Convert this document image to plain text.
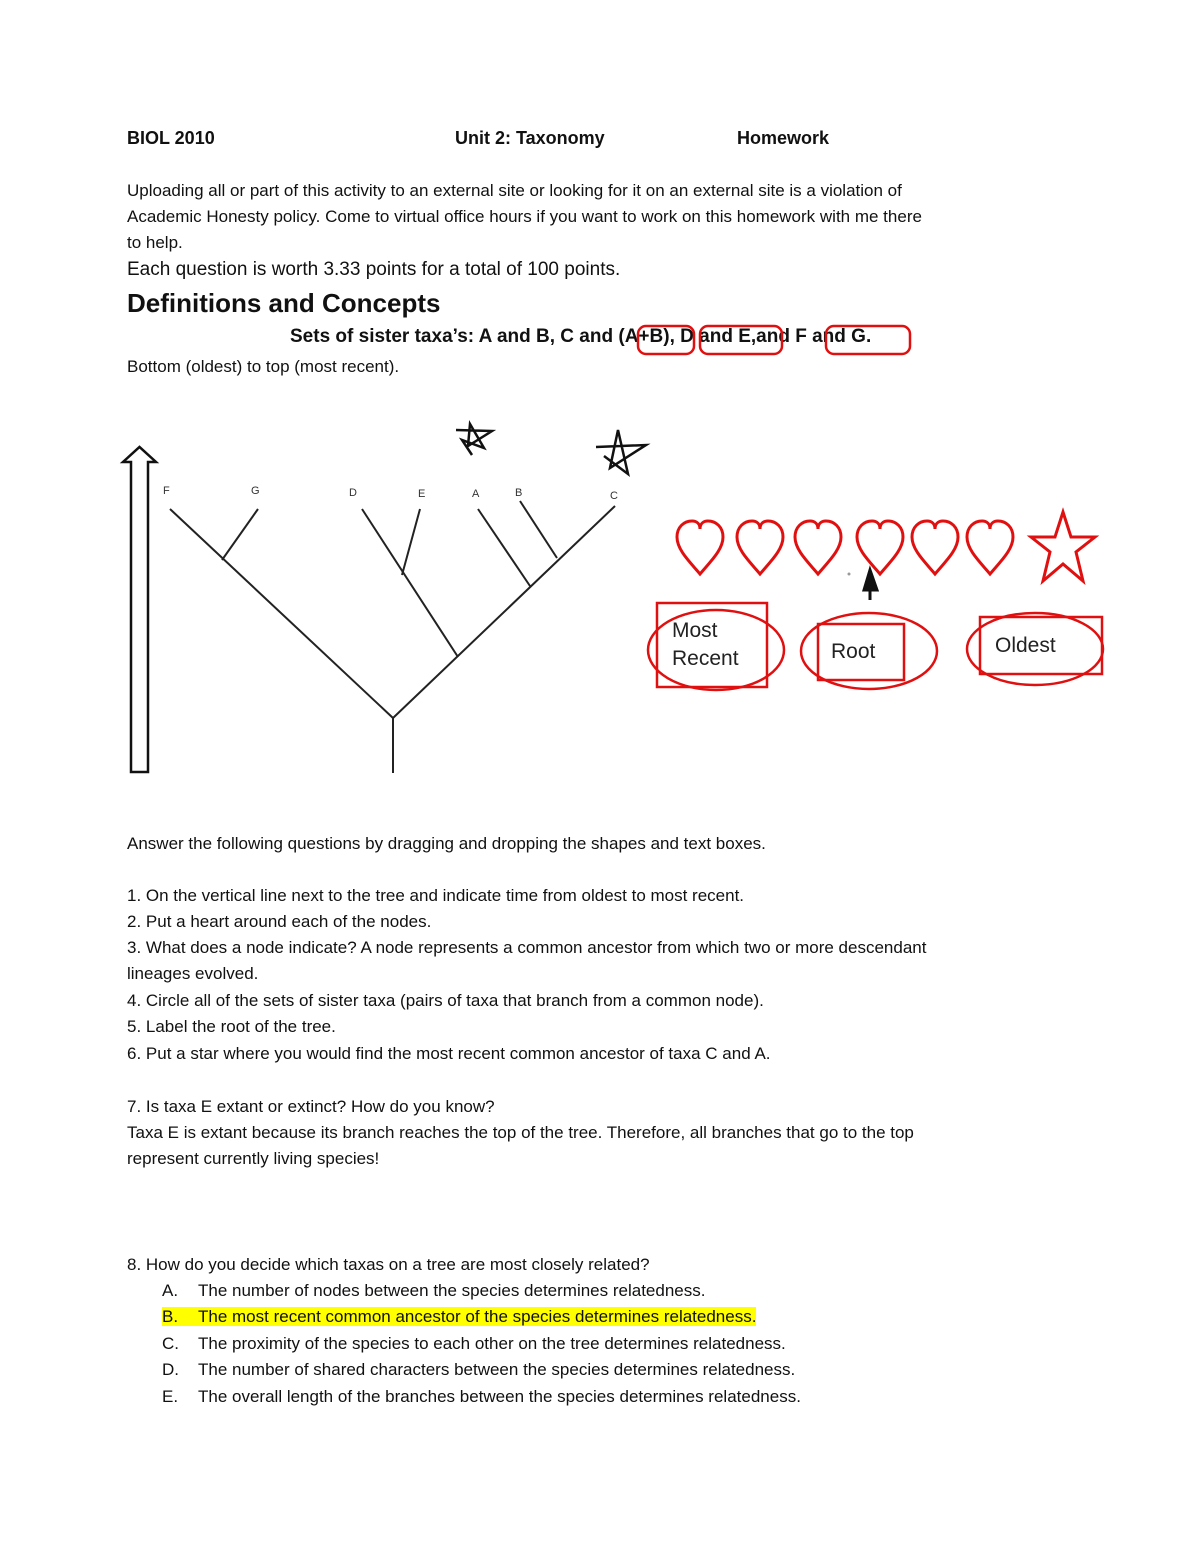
BIOL 2010	Unit 2: Taxonomy	Homework
Uploading all or part of this activity to an external site or looking for it on an external site is a violation of
Academic Honesty policy. Come to virtual office hours if you want to work on this homework with me there
to help.
Each question is worth 3.33 points for a total of 100 points.
Definitions and Concepts
Sets of sister taxa’s: A and B, C and (A+B), D and E,and F and G.
Bottom (oldest) to top (most recent).
F	G	D	E	A	B	C
Most
Recent	Root	Oldest
Answer the following questions by dragging and dropping the shapes and text boxes.
1. On the vertical line next to the tree and indicate time from oldest to most recent.
2. Put a heart around each of the nodes.
3. What does a node indicate? A node represents a common ancestor from which two or more descendant
lineages evolved.
4. Circle all of the sets of sister taxa (pairs of taxa that branch from a common node).
5. Label the root of the tree.
6. Put a star where you would find the most recent common ancestor of taxa C and A.
7. Is taxa E extant or extinct? How do you know?
Taxa E is extant because its branch reaches the top of the tree. Therefore, all branches that go to the top
represent currently living species!
8. How do you decide which taxas on a tree are most closely related?
A. The number of nodes between the species determines relatedness.
B. The most recent common ancestor of the species determines relatedness.
C. The proximity of the species to each other on the tree determines relatedness.
D. The number of shared characters between the species determines relatedness.
E. The overall length of the branches between the species determines relatedness.
